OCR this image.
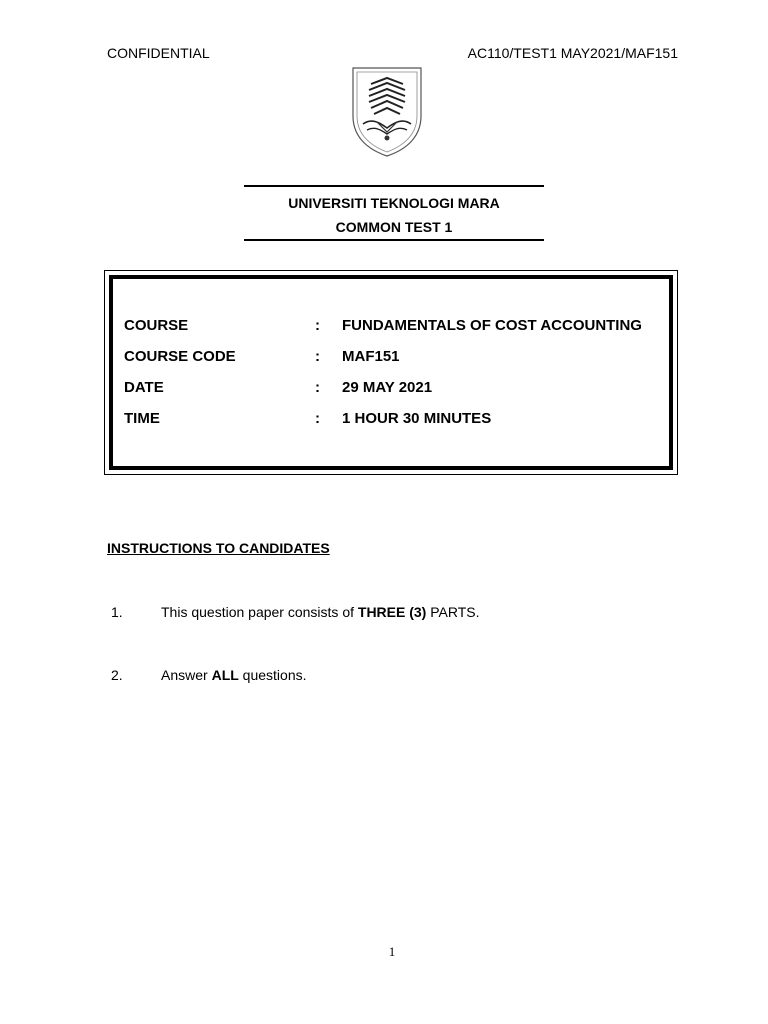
CONFIDENTIAL	AC110/TEST1 MAY2021/MAF151
UNIVERSITI TEKNOLOGI MARA
COMMON TEST 1
COURSE	: FUNDAMENTALS OF COST ACCOUNTING
COURSE CODE	: MAF151
DATE	: 29 MAY 2021
TIME	: 1 HOUR 30 MINUTES
INSTRUCTIONS TO CANDIDATES
1.	This question paper consists of THREE (3) PARTS.
2.	Answer ALL questions.
1
